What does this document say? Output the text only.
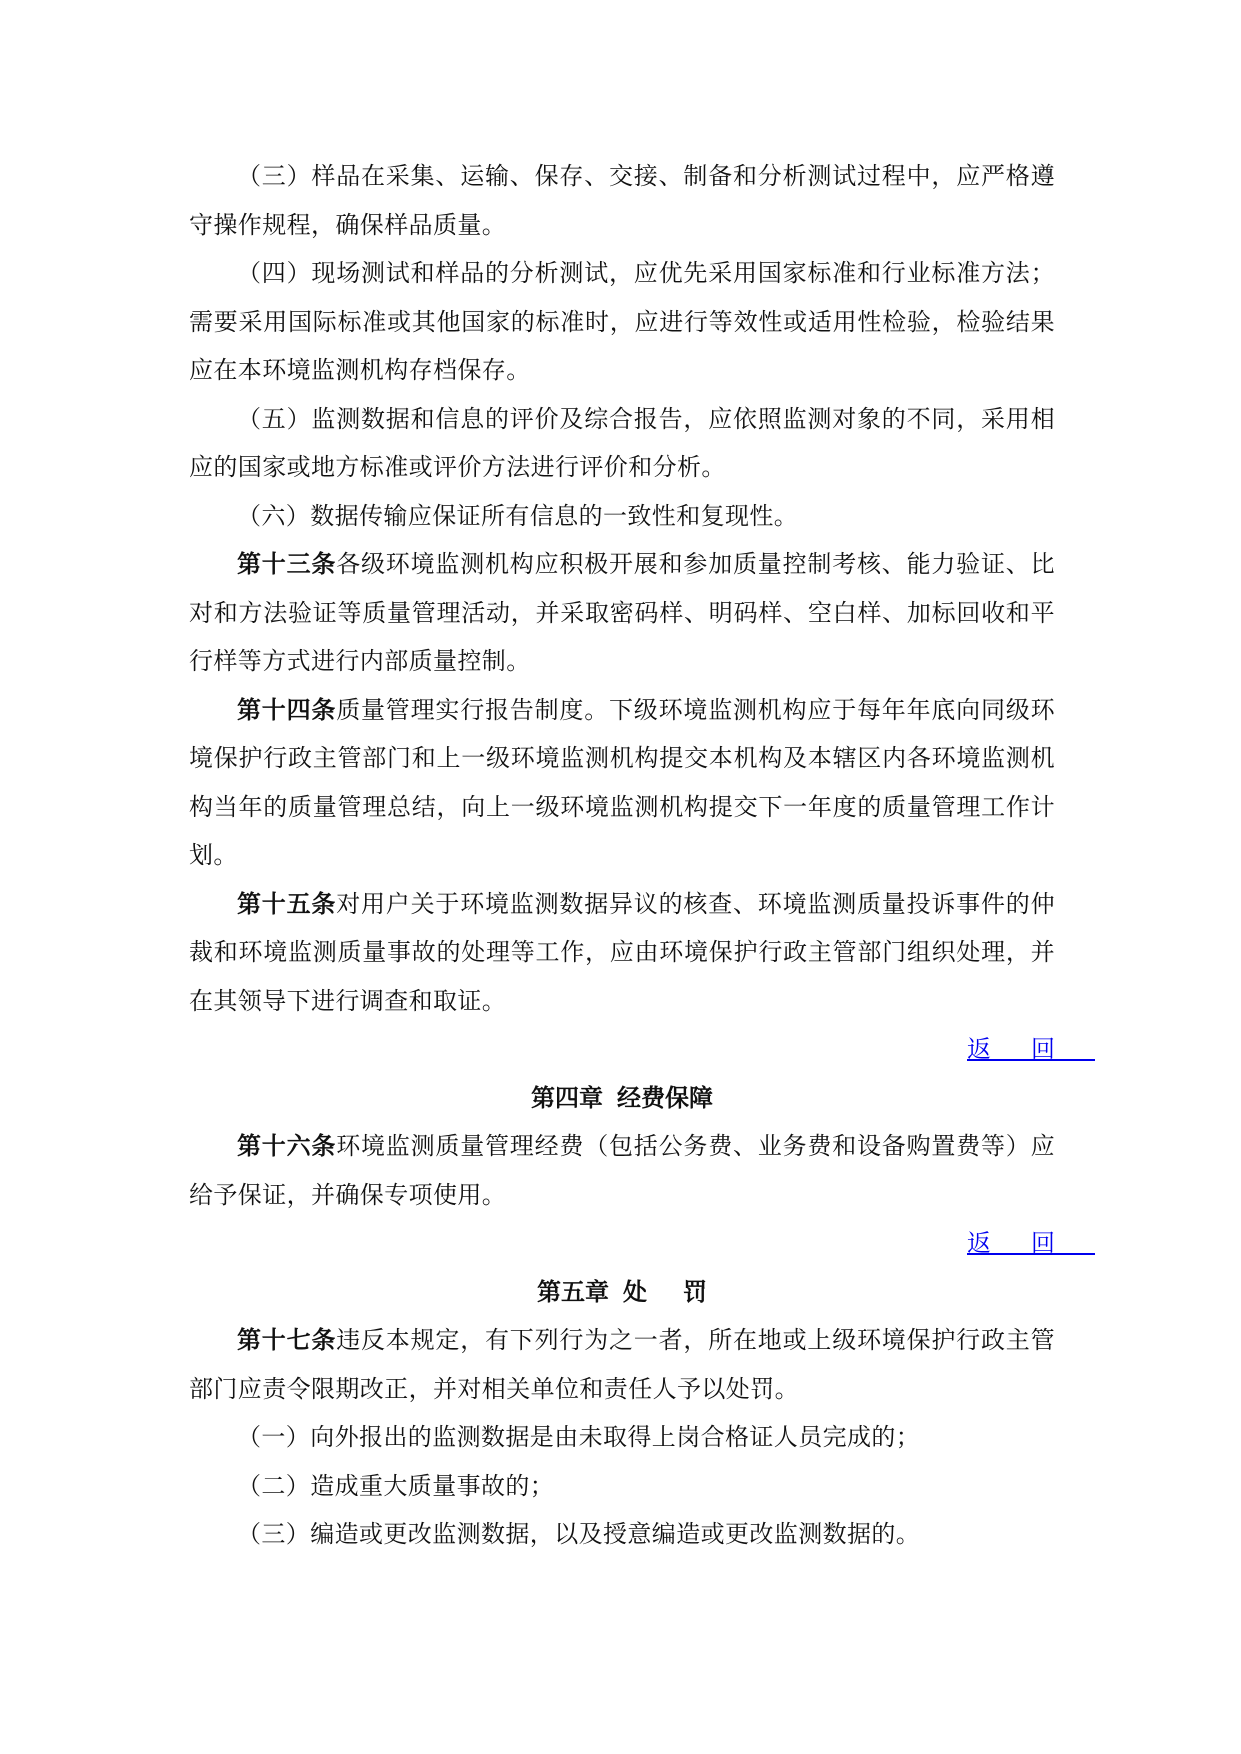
（三）样品在采集、运输、保存、交接、制备和分析测试过程中，应严格遵守操作规程，确保样品质量。

（四）现场测试和样品的分析测试，应优先采用国家标准和行业标准方法；需要采用国际标准或其他国家的标准时，应进行等效性或适用性检验，检验结果应在本环境监测机构存档保存。

（五）监测数据和信息的评价及综合报告，应依照监测对象的不同，采用相应的国家或地方标准或评价方法进行评价和分析。

（六）数据传输应保证所有信息的一致性和复现性。

第十三条各级环境监测机构应积极开展和参加质量控制考核、能力验证、比对和方法验证等质量管理活动，并采取密码样、明码样、空白样、加标回收和平行样等方式进行内部质量控制。

第十四条质量管理实行报告制度。下级环境监测机构应于每年年底向同级环境保护行政主管部门和上一级环境监测机构提交本机构及本辖区内各环境监测机构当年的质量管理总结，向上一级环境监测机构提交下一年度的质量管理工作计划。

第十五条对用户关于环境监测数据异议的核查、环境监测质量投诉事件的仲裁和环境监测质量事故的处理等工作，应由环境保护行政主管部门组织处理，并在其领导下进行调查和取证。

返回
第四章 经费保障

第十六条环境监测质量管理经费（包括公务费、业务费和设备购置费等）应给予保证，并确保专项使用。

返回
第五章 处罚

第十七条违反本规定，有下列行为之一者，所在地或上级环境保护行政主管部门应责令限期改正，并对相关单位和责任人予以处罚。

（一）向外报出的监测数据是由未取得上岗合格证人员完成的；

（二）造成重大质量事故的；

（三）编造或更改监测数据，以及授意编造或更改监测数据的。
